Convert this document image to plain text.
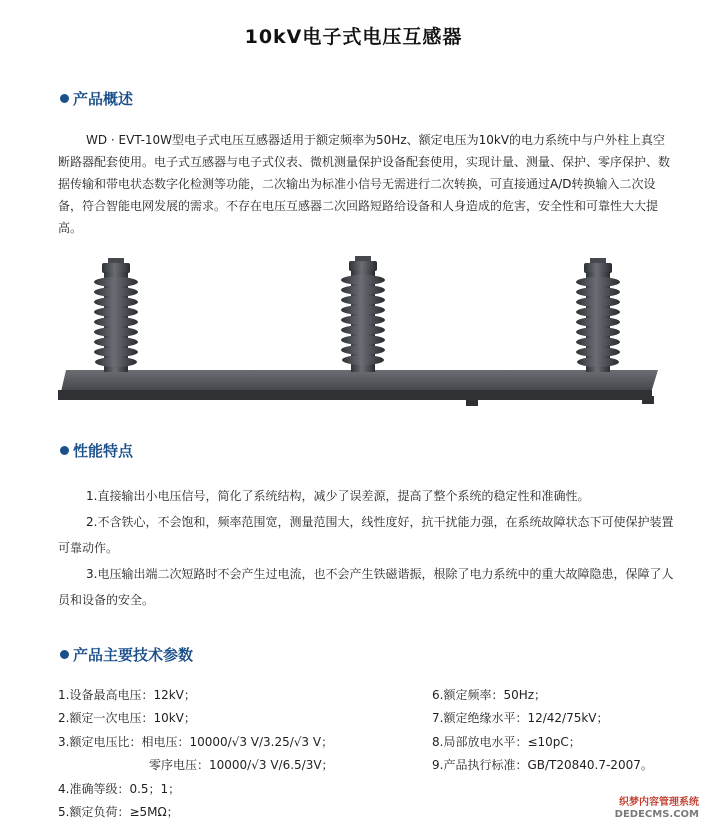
10kV电子式电压互感器
产品概述
WD · EVT-10W型电子式电压互感器适用于额定频率为50Hz、额定电压为10kV的电力系统中与户外柱上真空断路器配套使用。电子式互感器与电子式仪表、微机测量保护设备配套使用，实现计量、测量、保护、零序保护、数据传输和带电状态数字化检测等功能，二次输出为标准小信号无需进行二次转换，可直接通过A/D转换输入二次设备，符合智能电网发展的需求。不存在电压互感器二次回路短路给设备和人身造成的危害，安全性和可靠性大大提高。
性能特点

1.直接输出小电压信号，简化了系统结构，减少了误差源，提高了整个系统的稳定性和准确性。

2.不含铁心，不会饱和，频率范围宽，测量范围大，线性度好，抗干扰能力强，在系统故障状态下可使保护装置可靠动作。

3.电压输出端二次短路时不会产生过电流，也不会产生铁磁谐振，根除了电力系统中的重大故障隐患，保障了人员和设备的安全。

产品主要技术参数
1.设备最高电压：12kV；
2.额定一次电压：10kV；
3.额定电压比：相电压：10000/√3 V/3.25/√3 V；
零序电压：10000/√3 V/6.5/3V；
4.准确等级：0.5；1；
5.额定负荷：≥5MΩ；
6.额定频率：50Hz；
7.额定绝缘水平：12/42/75kV；
8.局部放电水平：≤10pC；
9.产品执行标准：GB/T20840.7-2007。
织梦内容管理系统
DEDECMS.COM
